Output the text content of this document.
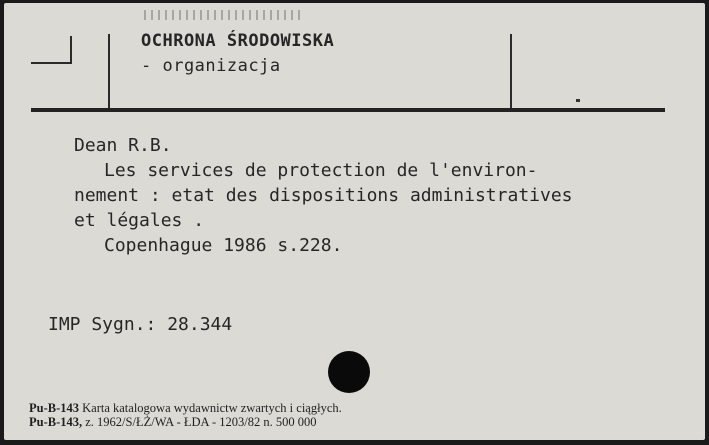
OCHRONA ŚRODOWISKA
- organizacja
Dean R.B.
Les services de protection de l'environ-
nement : etat des dispositions administratives
et légales .
Copenhague 1986 s.228.
IMP Sygn.: 28.344
Pu-B-143 Karta katalogowa wydawnictw zwartych i ciągłych.
Pu-B-143, z. 1962/S/ŁŻ/WA - ŁDA - 1203/82 n. 500 000
